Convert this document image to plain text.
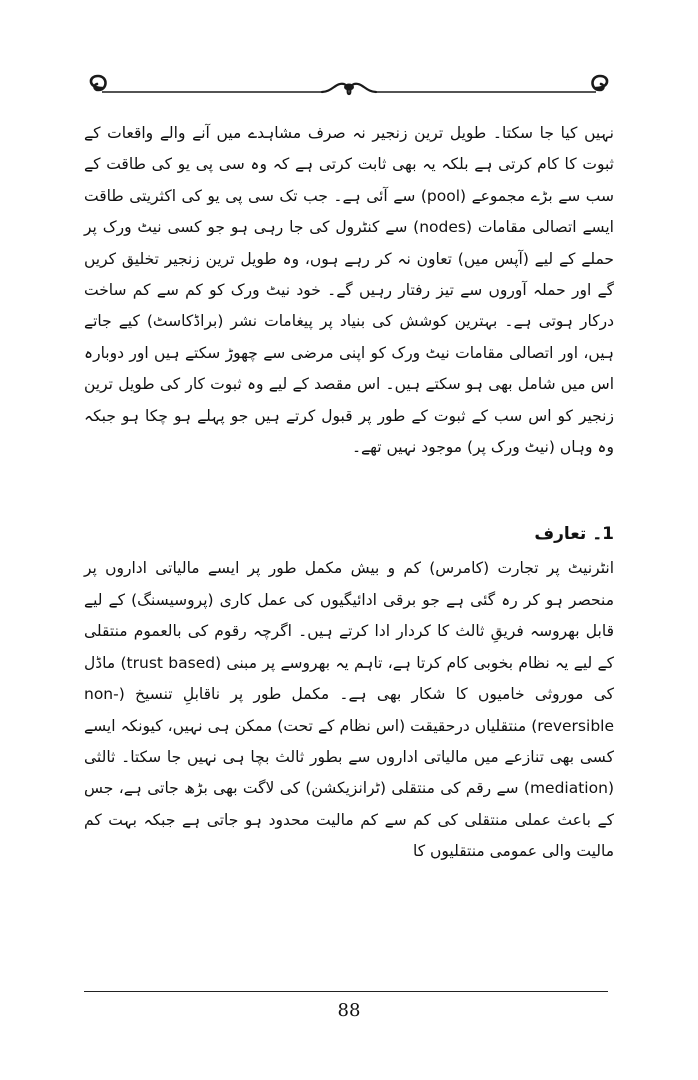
نہیں کیا جا سکتا۔ طویل ترین زنجیر نہ صرف مشاہدے میں آنے والے واقعات کے ثبوت کا کام کرتی ہے بلکہ یہ بھی ثابت کرتی ہے کہ وہ سی پی یو کی طاقت کے سب سے بڑے مجموعے (pool) سے آئی ہے۔ جب تک سی پی یو کی اکثریتی طاقت ایسے اتصالی مقامات (nodes) سے کنٹرول کی جا رہی ہو جو کسی نیٹ ورک پر حملے کے لیے (آپس میں) تعاون نہ کر رہے ہوں، وہ طویل ترین زنجیر تخلیق کریں گے اور حملہ آوروں سے تیز رفتار رہیں گے۔ خود نیٹ ورک کو کم سے کم ساخت درکار ہوتی ہے۔ بہترین کوشش کی بنیاد پر پیغامات نشر (براڈکاسٹ) کیے جاتے ہیں، اور اتصالی مقامات نیٹ ورک کو اپنی مرضی سے چھوڑ سکتے ہیں اور دوبارہ اس میں شامل بھی ہو سکتے ہیں۔ اس مقصد کے لیے وہ ثبوت کار کی طویل ترین زنجیر کو اس سب کے ثبوت کے طور پر قبول کرتے ہیں جو پہلے ہو چکا ہو جبکہ وہ وہاں (نیٹ ورک پر) موجود نہیں تھے۔

1۔ تعارف

انٹرنیٹ پر تجارت (کامرس) کم و بیش مکمل طور پر ایسے مالیاتی اداروں پر منحصر ہو کر رہ گئی ہے جو برقی ادائیگیوں کی عمل کاری (پروسیسنگ) کے لیے قابل بھروسہ فریقِ ثالث کا کردار ادا کرتے ہیں۔ اگرچہ رقوم کی بالعموم منتقلی کے لیے یہ نظام بخوبی کام کرتا ہے، تاہم یہ بھروسے پر مبنی (trust based) ماڈل کی موروثی خامیوں کا شکار بھی ہے۔ مکمل طور پر ناقابلِ تنسیخ (non-reversible) منتقلیاں درحقیقت (اس نظام کے تحت) ممکن ہی نہیں، کیونکہ ایسے کسی بھی تنازعے میں مالیاتی اداروں سے بطور ثالث بچا ہی نہیں جا سکتا۔ ثالثی (mediation) سے رقم کی منتقلی (ٹرانزیکشن) کی لاگت بھی بڑھ جاتی ہے، جس کے باعث عملی منتقلی کی کم سے کم مالیت محدود ہو جاتی ہے جبکہ بہت کم مالیت والی عمومی منتقلیوں کا

88
